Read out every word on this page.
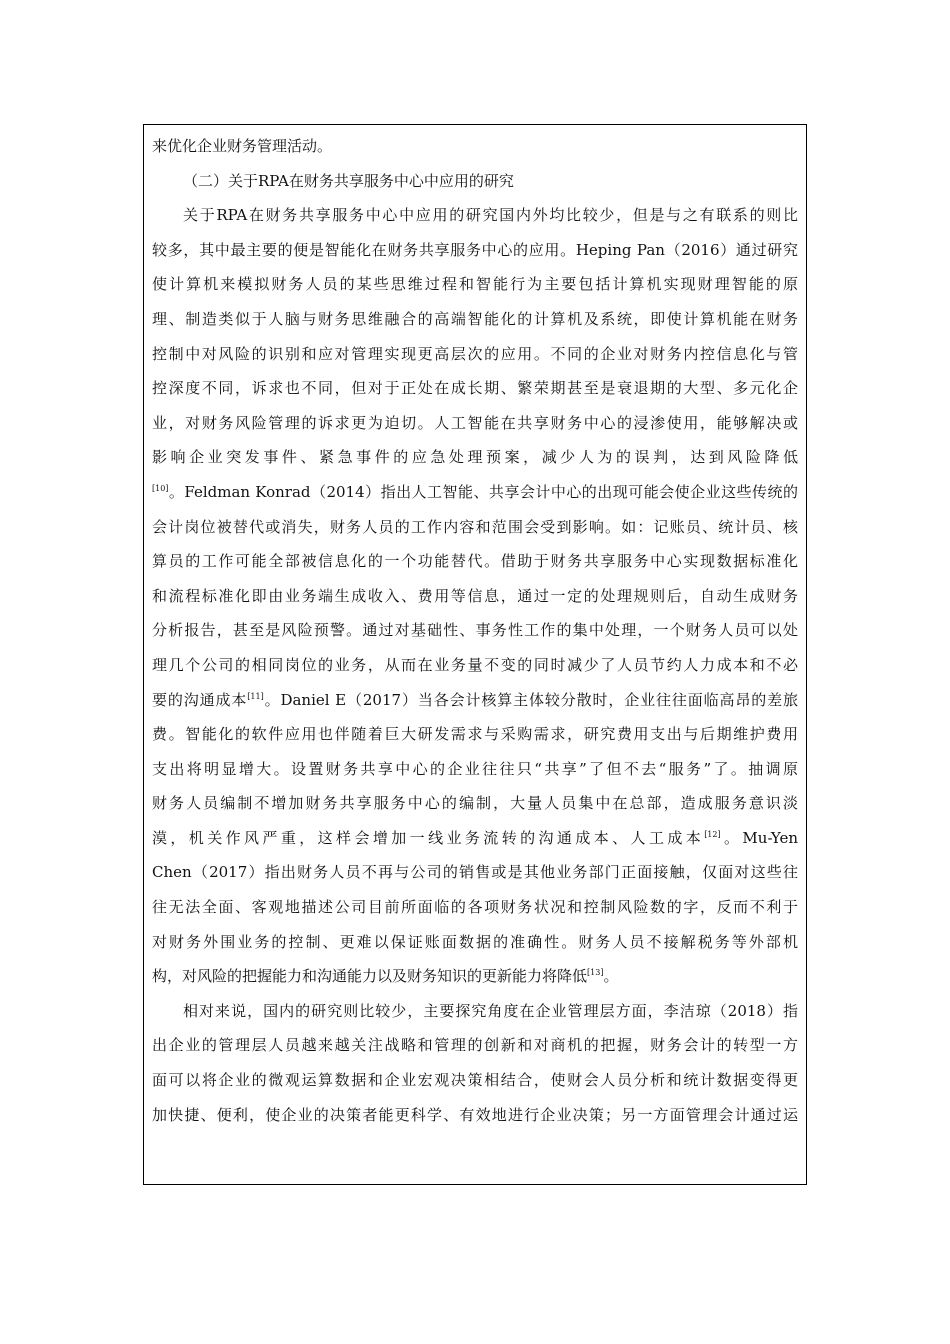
来优化企业财务管理活动。
（二）关于RPA在财务共享服务中心中应用的研究
关于RPA在财务共享服务中心中应用的研究国内外均比较少，但是与之有联系的则比
较多，其中最主要的便是智能化在财务共享服务中心的应用。Heping Pan（2016）通过研究
使计算机来模拟财务人员的某些思维过程和智能行为主要包括计算机实现财理智能的原
理、制造类似于人脑与财务思维融合的高端智能化的计算机及系统，即使计算机能在财务
控制中对风险的识别和应对管理实现更高层次的应用。不同的企业对财务内控信息化与管
控深度不同，诉求也不同，但对于正处在成长期、繁荣期甚至是衰退期的大型、多元化企
业，对财务风险管理的诉求更为迫切。人工智能在共享财务中心的浸渗使用，能够解决或
影响企业突发事件、紧急事件的应急处理预案，减少人为的误判，达到风险降低
[10]。Feldman Konrad（2014）指出人工智能、共享会计中心的出现可能会使企业这些传统的
会计岗位被替代或消失，财务人员的工作内容和范围会受到影响。如：记账员、统计员、核
算员的工作可能全部被信息化的一个功能替代。借助于财务共享服务中心实现数据标准化
和流程标准化即由业务端生成收入、费用等信息，通过一定的处理规则后，自动生成财务
分析报告，甚至是风险预警。通过对基础性、事务性工作的集中处理，一个财务人员可以处
理几个公司的相同岗位的业务，从而在业务量不变的同时减少了人员节约人力成本和不必
要的沟通成本[11]。Daniel E（2017）当各会计核算主体较分散时，企业往往面临高昂的差旅
费。智能化的软件应用也伴随着巨大研发需求与采购需求，研究费用支出与后期维护费用
支出将明显增大。设置财务共享中心的企业往往只“共享”了但不去“服务”了。抽调原
财务人员编制不增加财务共享服务中心的编制，大量人员集中在总部，造成服务意识淡
漠，机关作风严重，这样会增加一线业务流转的沟通成本、人工成本[12]。Mu-Yen
Chen（2017）指出财务人员不再与公司的销售或是其他业务部门正面接触，仅面对这些往
往无法全面、客观地描述公司目前所面临的各项财务状况和控制风险数的字，反而不利于
对财务外围业务的控制、更难以保证账面数据的准确性。财务人员不接解税务等外部机
构，对风险的把握能力和沟通能力以及财务知识的更新能力将降低[13]。
相对来说，国内的研究则比较少，主要探究角度在企业管理层方面，李洁琼（2018）指
出企业的管理层人员越来越关注战略和管理的创新和对商机的把握，财务会计的转型一方
面可以将企业的微观运算数据和企业宏观决策相结合，使财会人员分析和统计数据变得更
加快捷、便利，使企业的决策者能更科学、有效地进行企业决策；另一方面管理会计通过运
